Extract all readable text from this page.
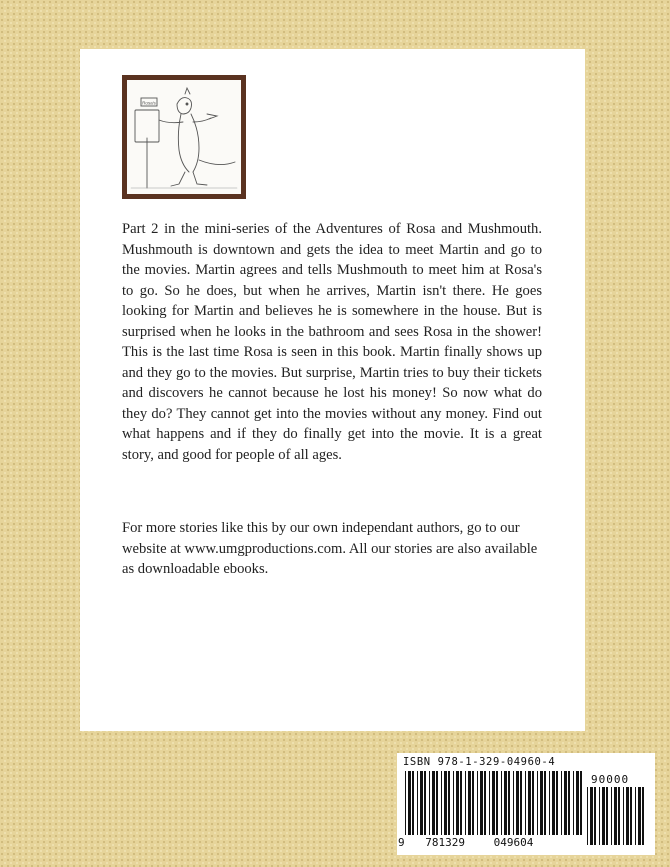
Rosa's

Part 2 in the mini-series of the Adventures of Rosa and Mushmouth. Mushmouth is downtown and gets the idea to meet Martin and go to the movies. Martin agrees and tells Mushmouth to meet him at Rosa's to go. So he does, but when he arrives, Martin isn't there. He goes looking for Martin and believes he is somewhere in the house. But is surprised when he looks in the bathroom and sees Rosa in the shower! This is the last time Rosa is seen in this book. Martin finally shows up and they go to the movies. But surprise, Martin tries to buy their tickets and discovers he cannot because he lost his money! So now what do they do? They cannot get into the movies without any money. Find out what happens and if they do finally get into the movie. It is a great story, and good for people of all ages.

For more stories like this by our own independant authors, go to our website at www.umgproductions.com. All our stories are also available as downloadable ebooks.

ISBN 978-1-329-04960-4
9 781329	049604
90000
